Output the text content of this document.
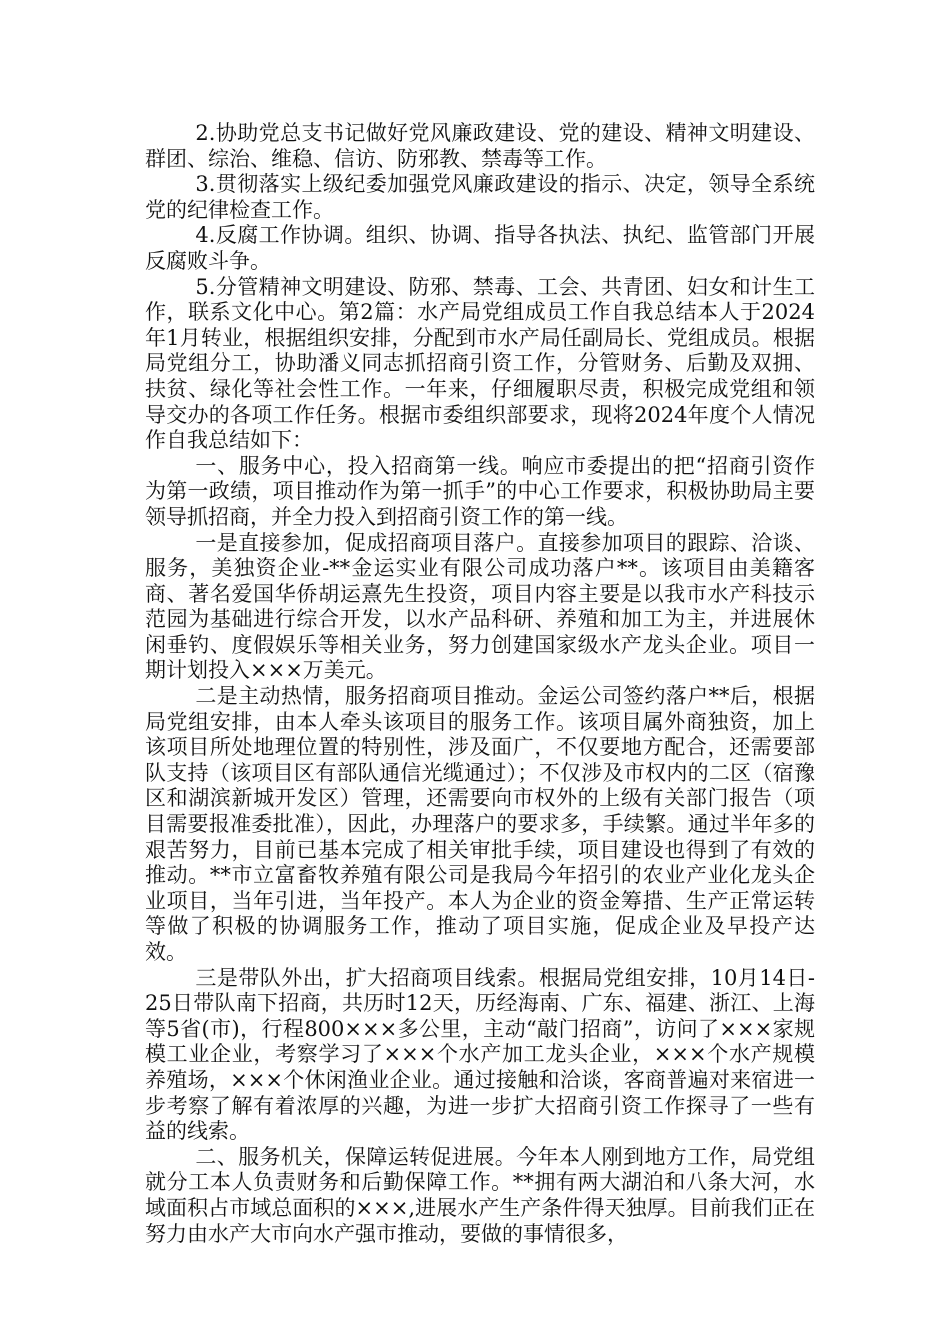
2.协助党总支书记做好党风廉政建设、党的建设、精神文明建设、群团、综治、维稳、信访、防邪教、禁毒等工作。

3.贯彻落实上级纪委加强党风廉政建设的指示、决定，领导全系统党的纪律检查工作。

4.反腐工作协调。组织、协调、指导各执法、执纪、监管部门开展反腐败斗争。

5.分管精神文明建设、防邪、禁毒、工会、共青团、妇女和计生工作，联系文化中心。第2篇：水产局党组成员工作自我总结本人于2024年1月转业，根据组织安排，分配到市水产局任副局长、党组成员。根据局党组分工，协助潘义同志抓招商引资工作，分管财务、后勤及双拥、扶贫、绿化等社会性工作。一年来，仔细履职尽责，积极完成党组和领导交办的各项工作任务。根据市委组织部要求，现将2024年度个人情况作自我总结如下：

一、服务中心，投入招商第一线。响应市委提出的把“招商引资作为第一政绩，项目推动作为第一抓手”的中心工作要求，积极协助局主要领导抓招商，并全力投入到招商引资工作的第一线。

一是直接参加，促成招商项目落户。直接参加项目的跟踪、洽谈、服务，美独资企业-**金运实业有限公司成功落户**。该项目由美籍客商、著名爱国华侨胡运熹先生投资，项目内容主要是以我市水产科技示范园为基础进行综合开发，以水产品科研、养殖和加工为主，并进展休闲垂钓、度假娱乐等相关业务，努力创建国家级水产龙头企业。项目一期计划投入×××万美元。

二是主动热情，服务招商项目推动。金运公司签约落户**后，根据局党组安排，由本人牵头该项目的服务工作。该项目属外商独资，加上该项目所处地理位置的特别性，涉及面广，不仅要地方配合，还需要部队支持（该项目区有部队通信光缆通过）；不仅涉及市权内的二区（宿豫区和湖滨新城开发区）管理，还需要向市权外的上级有关部门报告（项目需要报准委批准），因此，办理落户的要求多，手续繁。通过半年多的艰苦努力，目前已基本完成了相关审批手续，项目建设也得到了有效的推动。**市立富畜牧养殖有限公司是我局今年招引的农业产业化龙头企业项目，当年引进，当年投产。本人为企业的资金筹措、生产正常运转等做了积极的协调服务工作，推动了项目实施，促成企业及早投产达效。

三是带队外出，扩大招商项目线索。根据局党组安排，10月14日-25日带队南下招商，共历时12天，历经海南、广东、福建、浙江、上海等5省(市)，行程800×××多公里，主动“敲门招商”，访问了×××家规模工业企业，考察学习了×××个水产加工龙头企业，×××个水产规模养殖场，×××个休闲渔业企业。通过接触和洽谈，客商普遍对来宿进一步考察了解有着浓厚的兴趣，为进一步扩大招商引资工作探寻了一些有益的线索。

二、服务机关，保障运转促进展。今年本人刚到地方工作，局党组就分工本人负责财务和后勤保障工作。**拥有两大湖泊和八条大河，水域面积占市域总面积的×××,进展水产生产条件得天独厚。目前我们正在努力由水产大市向水产强市推动，要做的事情很多，
